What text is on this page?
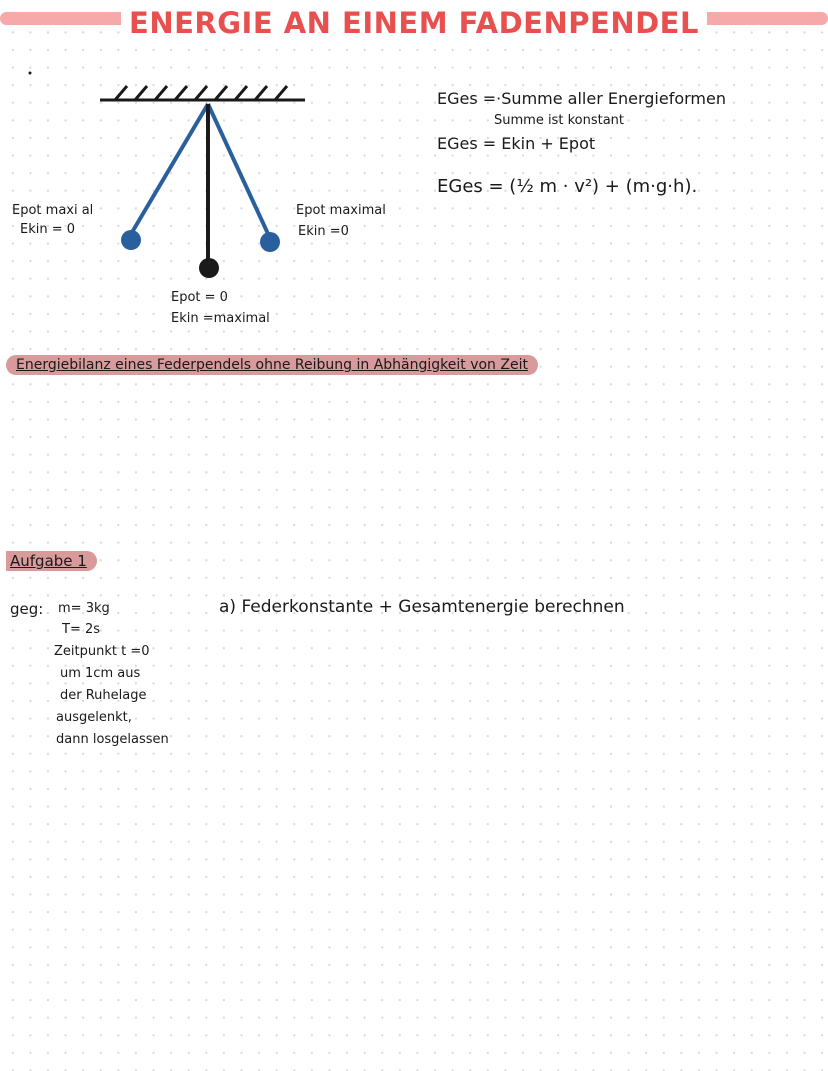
ENERGIE AN EINEM FADENPENDEL
Epot maxi al
Ekin = 0
Epot maximal
Ekin =0
Epot = 0
Ekin =maximal
EGes =·Summe aller Energieformen
Summe ist konstant
EGes = Ekin + Epot
EGes = (½ m · v²) + (m·g·h).
Energiebilanz eines Federpendels ohne Reibung in Abhängigkeit von Zeit
Aufgabe 1
geg: m= 3kg
T= 2s
Zeitpunkt t =0
um 1cm aus
der Ruhelage
ausgelenkt,
dann losgelassen
a) Federkonstante + Gesamtenergie berechnen
